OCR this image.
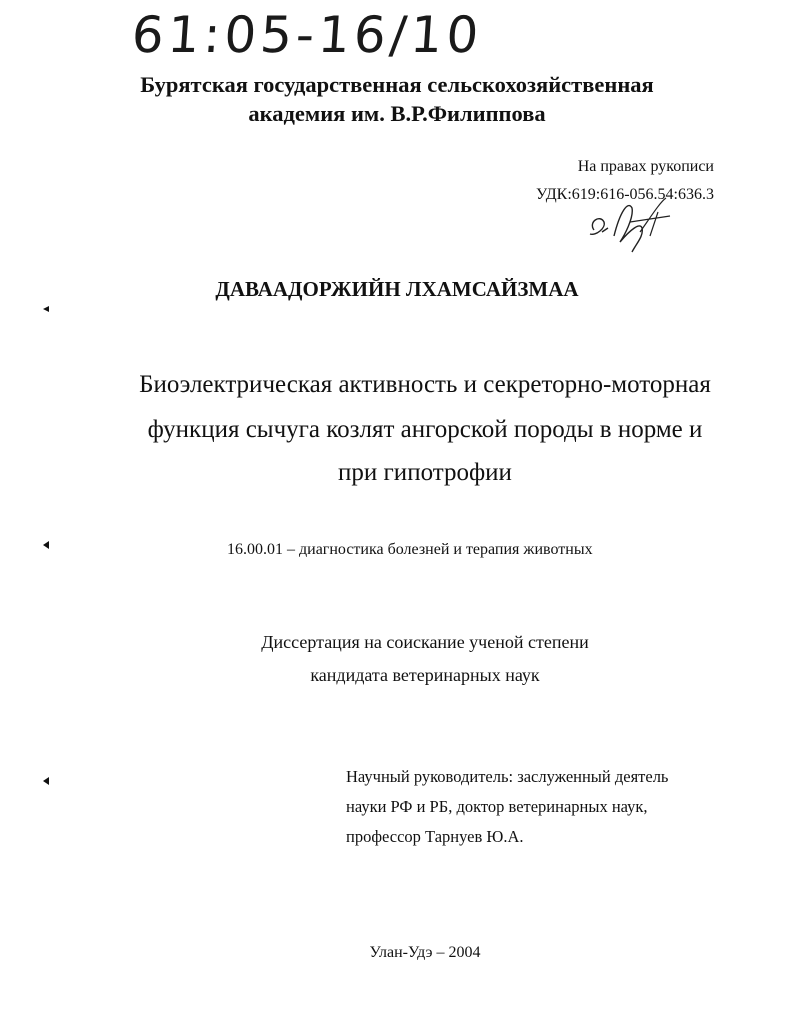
61:05-16/10
Бурятская государственная сельскохозяйственная
академия им. В.Р.Филиппова
На правах рукописи
УДК:619:616-056.54:636.3
ДАВААДОРЖИЙН ЛХАМСАЙЗМАА
Биоэлектрическая активность и секреторно-моторная
функция сычуга козлят ангорской породы в норме и
при гипотрофии
16.00.01 – диагностика болезней и терапия животных
Диссертация на соискание ученой степени
кандидата ветеринарных наук
Научный руководитель: заслуженный деятель
науки РФ и РБ, доктор ветеринарных наук,
профессор Тарнуев Ю.А.
Улан-Удэ – 2004
